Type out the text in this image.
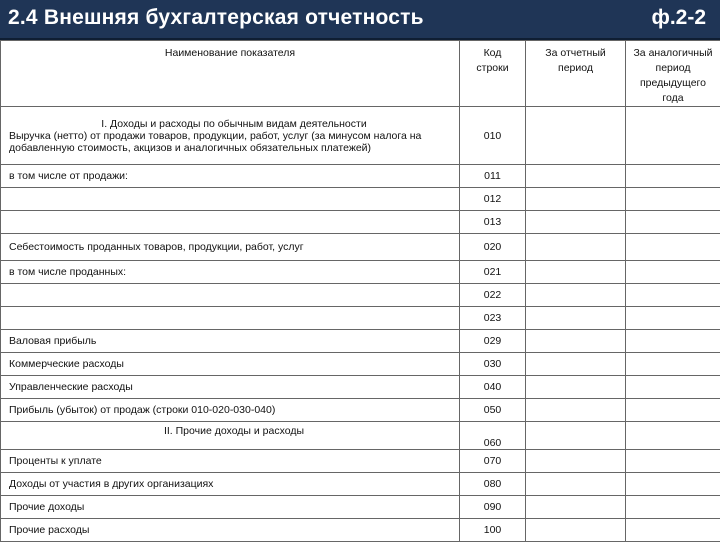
2.4 Внешняя бухгалтерская отчетность	ф.2-2
Наименование показателя	Код строки	За отчетный период	За аналогичный период предыдущего года

I. Доходы и расходы по обычным видам деятельности
Выручка (нетто) от продажи товаров, продукции, работ, услуг (за минусом налога на добавленную стоимость, акцизов и аналогичных обязательных платежей)	010		
в том числе от продажи:	011		
	012		
	013		
Себестоимость проданных товаров, продукции, работ, услуг	020		
в том числе проданных:	021		
	022		
	023		
Валовая прибыль	029		
Коммерческие расходы	030		
Управленческие расходы	040		
Прибыль (убыток) от продаж (строки 010-020-030-040)	050		

II. Прочие доходы и расходы	060		
Проценты к уплате	070		
Доходы от участия в других организациях	080		
Прочие доходы	090		
Прочие расходы	100		
